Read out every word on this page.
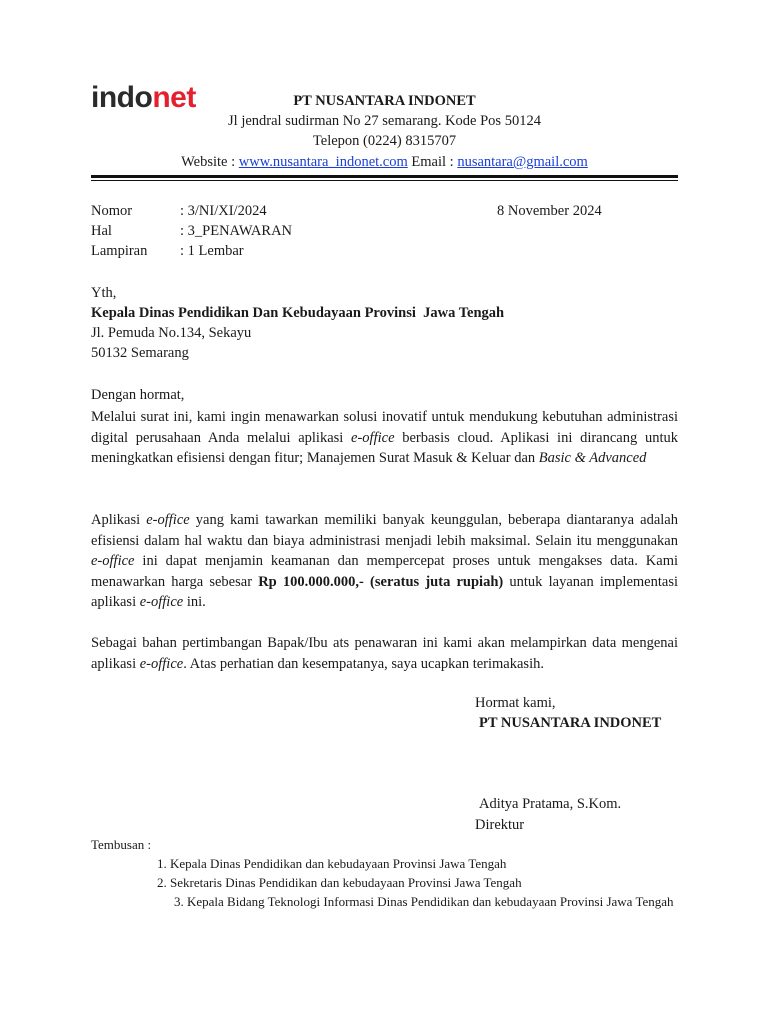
indonet	PT NUSANTARA INDONET
Jl jendral sudirman No 27 semarang. Kode Pos 50124
Telepon (0224) 8315707
Website : www.nusantara_indonet.com Email : nusantara@gmail.com
Nomor	: 3/NI/XI/2024	8 November 2024
Hal	: 3_PENAWARAN
Lampiran : 1 Lembar
Yth,
Kepala Dinas Pendidikan Dan Kebudayaan Provinsi  Jawa Tengah
Jl. Pemuda No.134, Sekayu
50132 Semarang
Dengan hormat,
Melalui surat ini, kami ingin menawarkan solusi inovatif untuk mendukung kebutuhan administrasi digital perusahaan Anda melalui aplikasi e-office berbasis cloud. Aplikasi ini dirancang untuk meningkatkan efisiensi dengan fitur; Manajemen Surat Masuk & Keluar dan Basic & Advanced
Aplikasi e-office yang kami tawarkan memiliki banyak keunggulan, beberapa diantaranya adalah efisiensi dalam hal waktu dan biaya administrasi menjadi lebih maksimal. Selain itu menggunakan e-office ini dapat menjamin keamanan dan mempercepat proses untuk mengakses data. Kami menawarkan harga sebesar Rp 100.000.000,- (seratus juta rupiah) untuk layanan implementasi aplikasi e-office ini.
Sebagai bahan pertimbangan Bapak/Ibu ats penawaran ini kami akan melampirkan data mengenai aplikasi e-office. Atas perhatian dan kesempatanya, saya ucapkan terimakasih.
Hormat kami,
PT NUSANTARA INDONET
Aditya Pratama, S.Kom.
Direktur
Tembusan :
1. Kepala Dinas Pendidikan dan kebudayaan Provinsi Jawa Tengah
2. Sekretaris Dinas Pendidikan dan kebudayaan Provinsi Jawa Tengah
3. Kepala Bidang Teknologi Informasi Dinas Pendidikan dan kebudayaan Provinsi Jawa Tengah
